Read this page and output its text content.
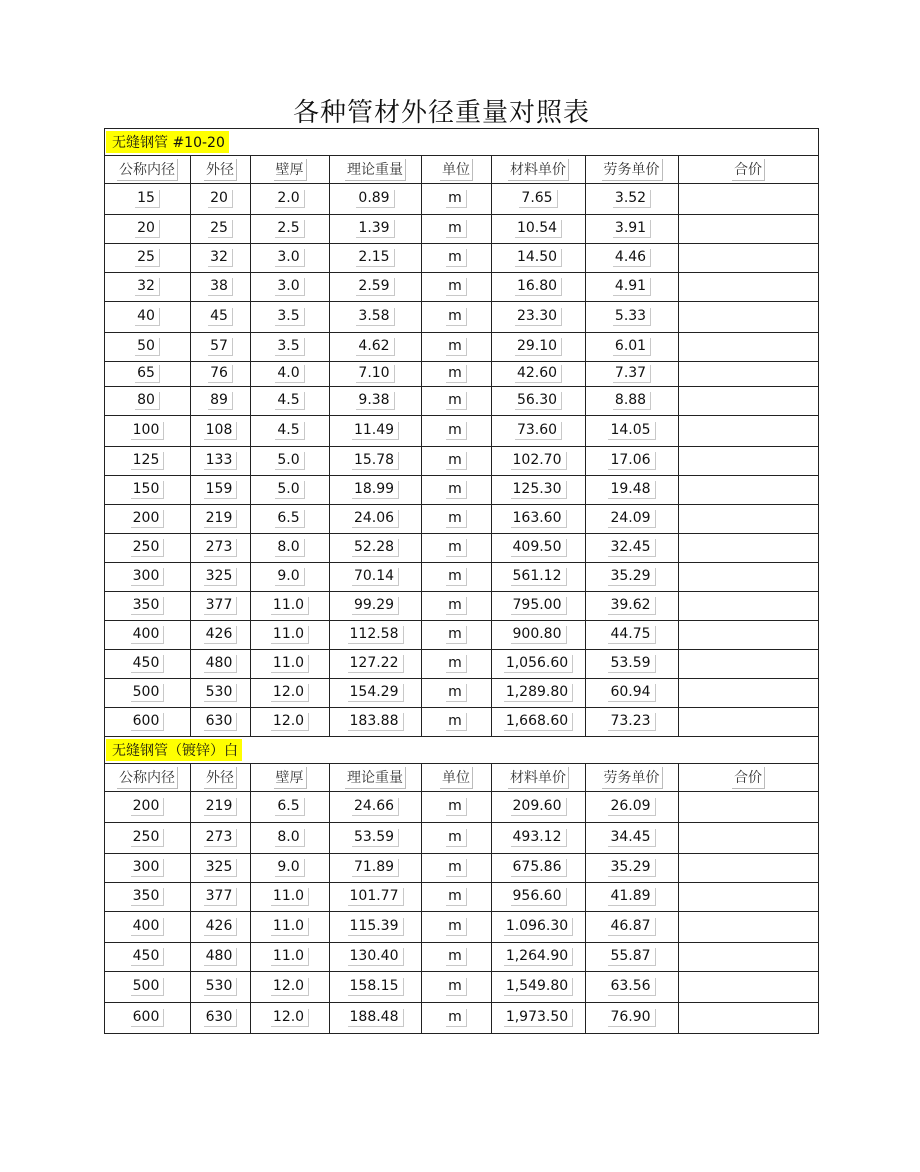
各种管材外径重量对照表
无缝钢管 #10-20							
公称内径	外径	壁厚	理论重量	单位	材料单价	劳务单价	合价
15	20	2.0	0.89	m	7.65	3.52	
20	25	2.5	1.39	m	10.54	3.91	
25	32	3.0	2.15	m	14.50	4.46	
32	38	3.0	2.59	m	16.80	4.91	
40	45	3.5	3.58	m	23.30	5.33	
50	57	3.5	4.62	m	29.10	6.01	
65	76	4.0	7.10	m	42.60	7.37	
80	89	4.5	9.38	m	56.30	8.88	
100	108	4.5	11.49	m	73.60	14.05	
125	133	5.0	15.78	m	102.70	17.06	
150	159	5.0	18.99	m	125.30	19.48	
200	219	6.5	24.06	m	163.60	24.09	
250	273	8.0	52.28	m	409.50	32.45	
300	325	9.0	70.14	m	561.12	35.29	
350	377	11.0	99.29	m	795.00	39.62	
400	426	11.0	112.58	m	900.80	44.75	
450	480	11.0	127.22	m	1,056.60	53.59	
500	530	12.0	154.29	m	1,289.80	60.94	
600	630	12.0	183.88	m	1,668.60	73.23	
无缝钢管（镀锌）白							
公称内径	外径	壁厚	理论重量	单位	材料单价	劳务单价	合价
200	219	6.5	24.66	m	209.60	26.09	
250	273	8.0	53.59	m	493.12	34.45	
300	325	9.0	71.89	m	675.86	35.29	
350	377	11.0	101.77	m	956.60	41.89	
400	426	11.0	115.39	m	1.096.30	46.87	
450	480	11.0	130.40	m	1,264.90	55.87	
500	530	12.0	158.15	m	1,549.80	63.56	
600	630	12.0	188.48	m	1,973.50	76.90	
